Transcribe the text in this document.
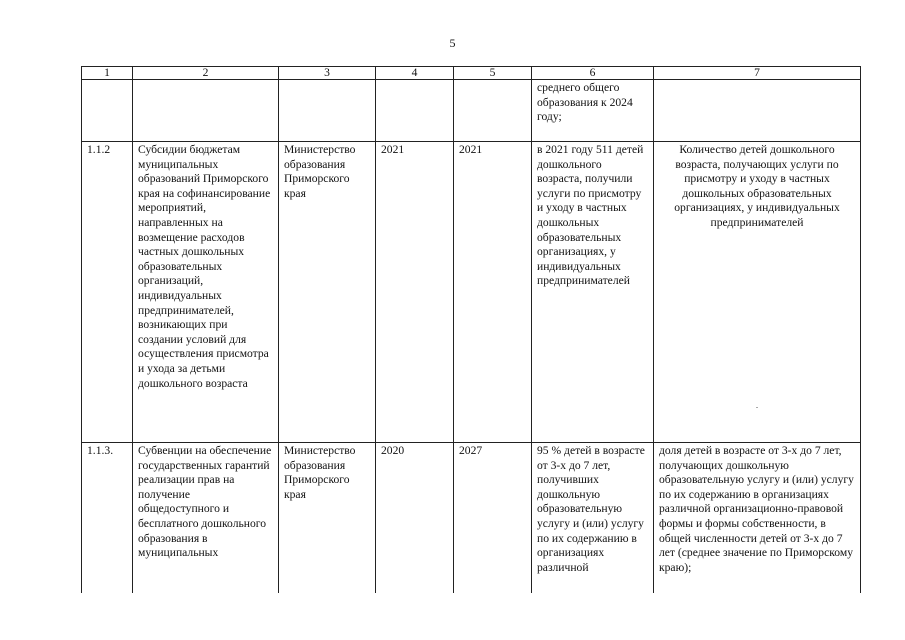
5
1	2	3	4	5	6	7
					среднего общего образования к 2024 году;	
1.1.2	Субсидии бюджетам муниципальных образований Приморского края на софинансирование мероприятий, направленных на возмещение расходов частных дошкольных образовательных организаций, индивидуальных предпринимателей, возникающих при создании условий для осуществления присмотра и ухода за детьми дошкольного возраста	Министерство образования Приморского края	2021	2021	в 2021 году 511 детей дошкольного возраста, получили услуги по присмотру и уходу в частных дошкольных образовательных организациях, у индивидуальных предпринимателей	Количество детей дошкольного возраста, получающих услуги по присмотру и уходу в частных дошкольных образовательных организациях, у индивидуальных предпринимателей
.

1.1.3.	Субвенции на обеспечение государственных гарантий реализации прав на получение общедоступного и бесплатного дошкольного образования в муниципальных	Министерство образования Приморского края	2020	2027	95 % детей в возрасте от 3-х до 7 лет, получивших дошкольную образовательную услугу и (или) услугу по их содержанию в организациях различной	доля детей в возрасте от 3-х до 7 лет, получающих дошкольную образовательную услугу и (или) услугу по их содержанию в организациях различной организационно-правовой формы и формы собственности, в общей численности детей от 3-х до 7 лет (среднее значение по Приморскому краю);
